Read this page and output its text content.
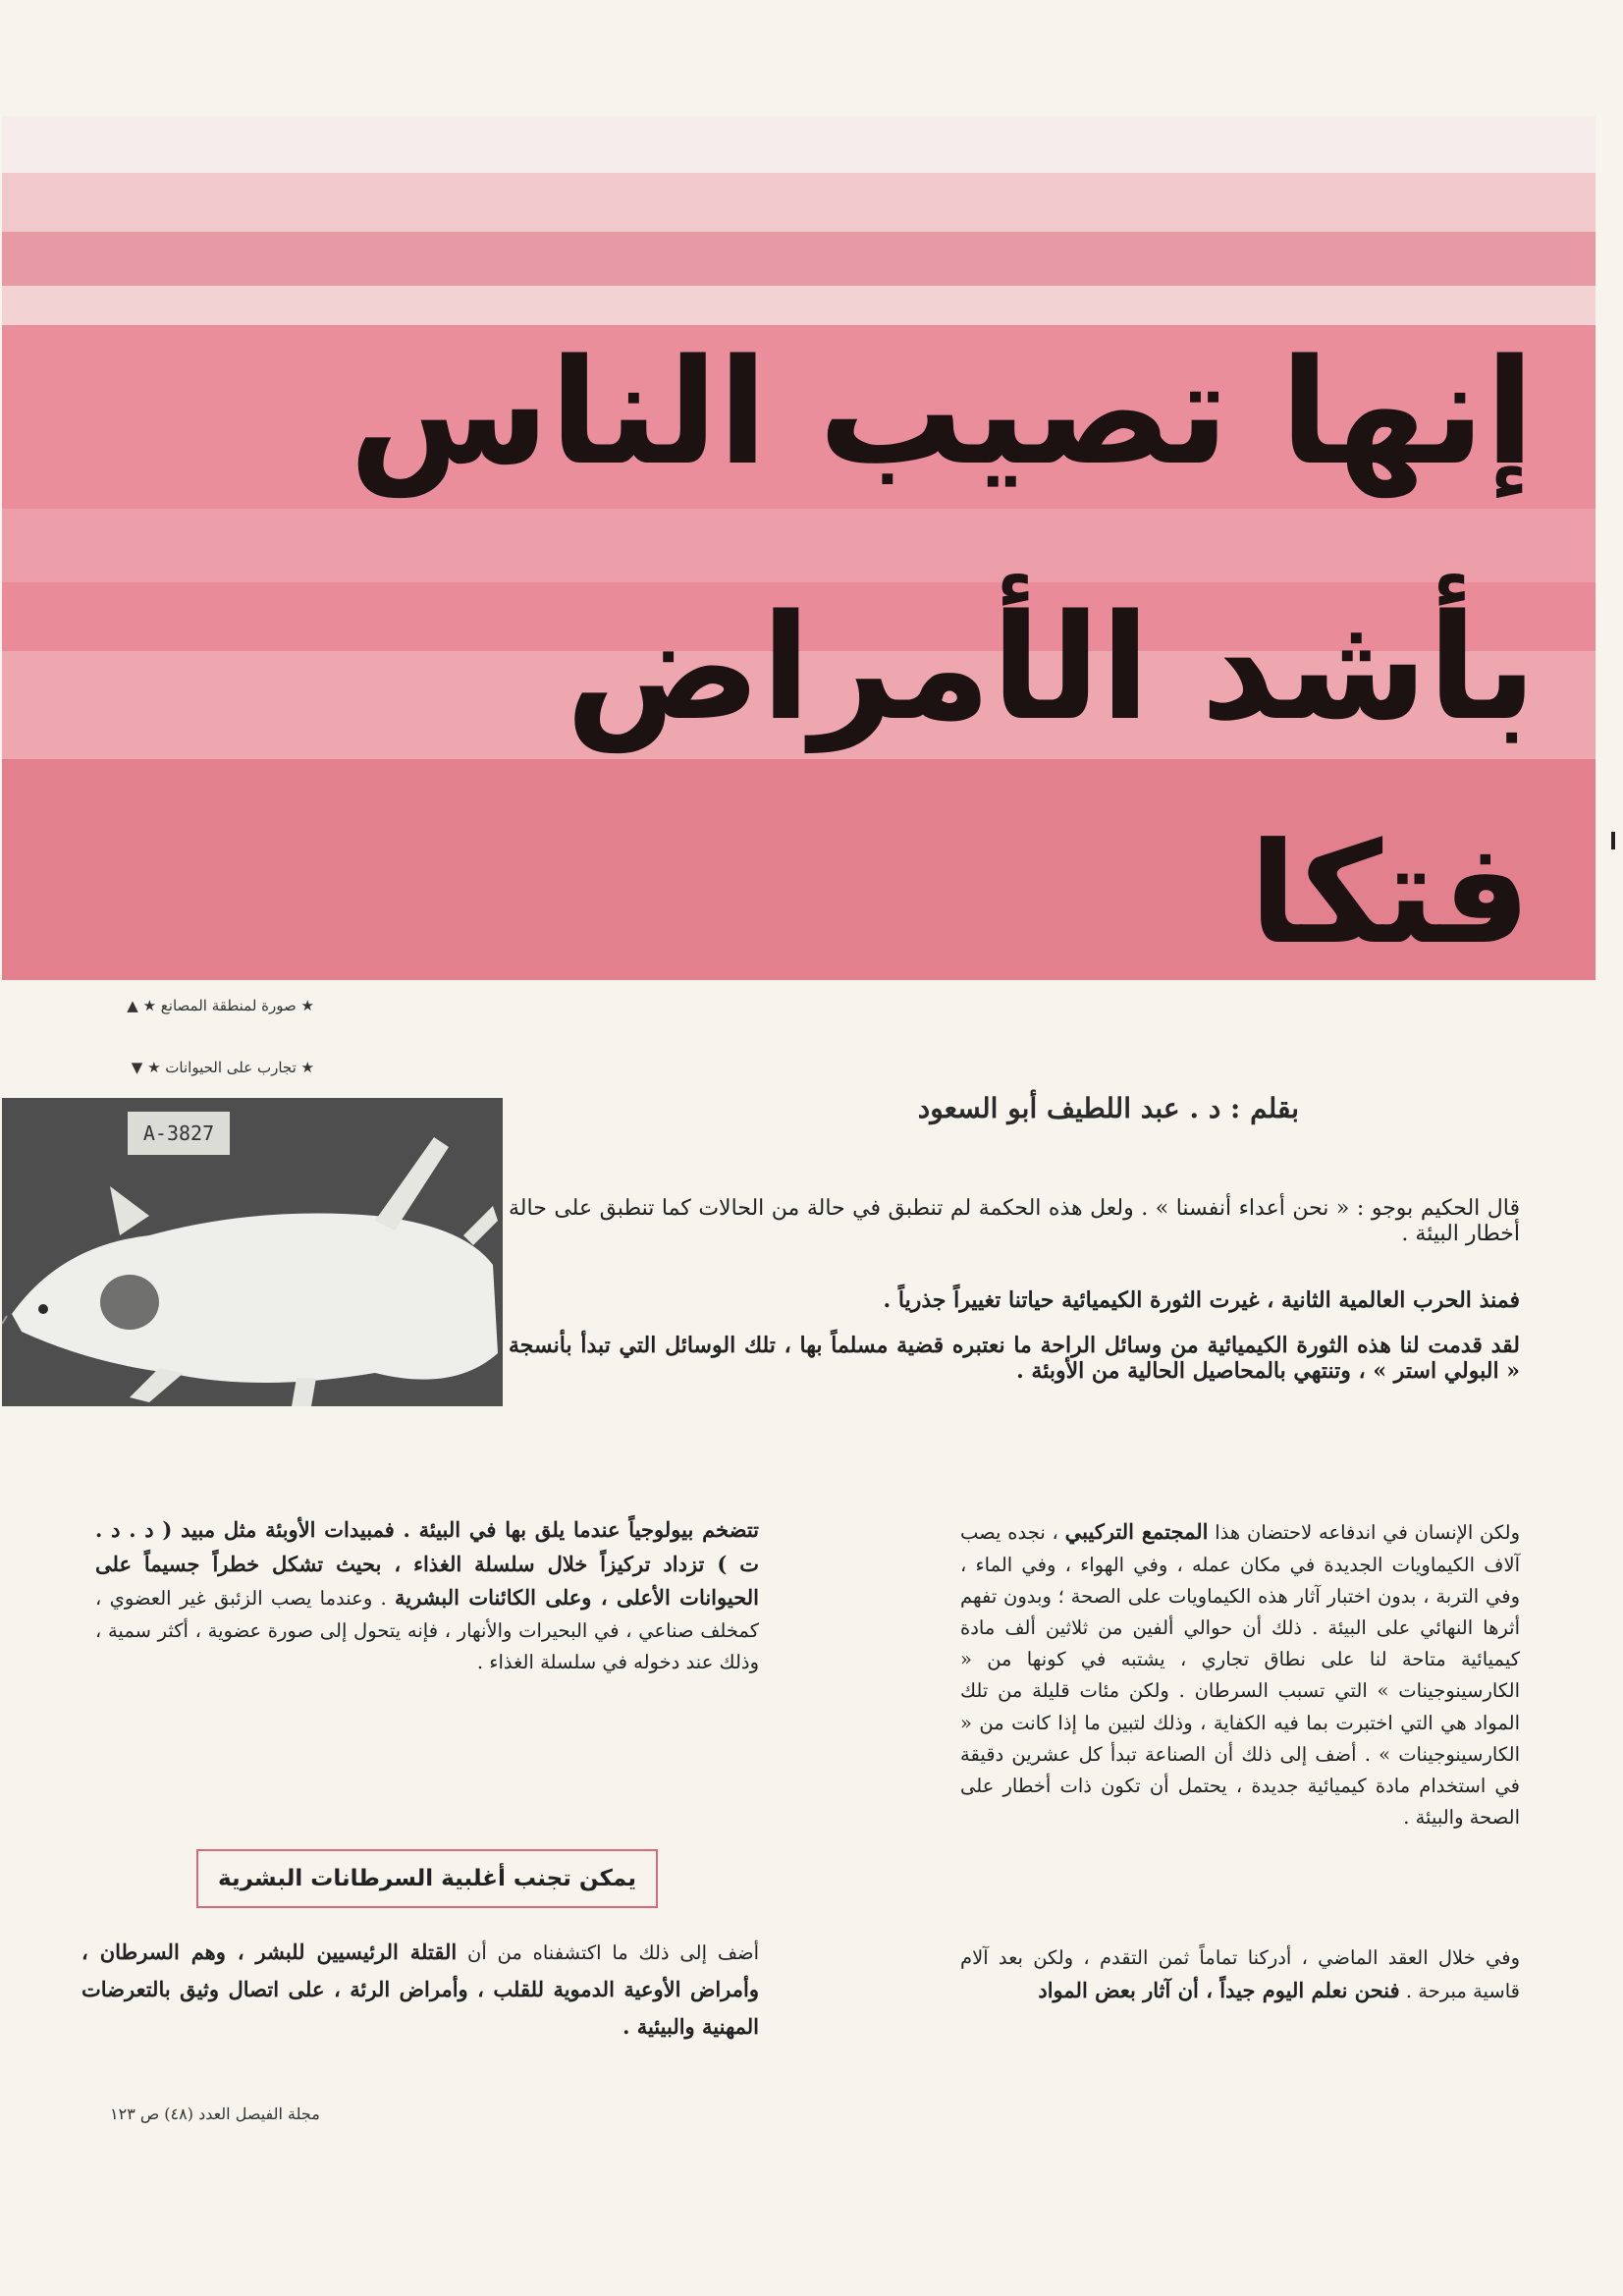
إنها تصيب الناس
بأشد الأمراض
فتكا
★ صورة لمنطقة المصانع ★ ▲
★ تجارب على الحيوانات ★ ▼
A-3827
بقلم : د . عبد اللطيف أبو السعود
قال الحكيم بوجو : « نحن أعداء أنفسنا » . ولعل هذه الحكمة لم تنطبق في حالة من الحالات كما تنطبق على حالة أخطار البيئة .
فمنذ الحرب العالمية الثانية ، غيرت الثورة الكيميائية حياتنا تغييراً جذرياً .
لقد قدمت لنا هذه الثورة الكيميائية من وسائل الراحة ما نعتبره قضية مسلماً بها ، تلك الوسائل التي تبدأ بأنسجة « البولي استر » ، وتنتهي بالمحاصيل الحالية من الأوبئة .
ولكن الإنسان في اندفاعه لاحتضان هذا المجتمع التركيبي ، نجده يصب آلاف الكيماويات الجديدة في مكان عمله ، وفي الهواء ، وفي الماء ، وفي التربة ، بدون اختبار آثار هذه الكيماويات على الصحة ؛ وبدون تفهم أثرها النهائي على البيئة . ذلك أن حوالي ألفين من ثلاثين ألف مادة كيميائية متاحة لنا على نطاق تجاري ، يشتبه في كونها من « الكارسينوجينات » التي تسبب السرطان . ولكن مئات قليلة من تلك المواد هي التي اختبرت بما فيه الكفاية ، وذلك لتبين ما إذا كانت من « الكارسينوجينات » . أضف إلى ذلك أن الصناعة تبدأ كل عشرين دقيقة في استخدام مادة كيميائية جديدة ، يحتمل أن تكون ذات أخطار على الصحة والبيئة .
وفي خلال العقد الماضي ، أدركنا تماماً ثمن التقدم ، ولكن بعد آلام قاسية مبرحة . فنحن نعلم اليوم جيداً ، أن آثار بعض المواد
تتضخم بيولوجياً عندما يلق بها في البيئة . فمبيدات الأوبئة مثل مبيد ( د . د . ت ) تزداد تركيزاً خلال سلسلة الغذاء ، بحيث تشكل خطراً جسيماً على الحيوانات الأعلى ، وعلى الكائنات البشرية . وعندما يصب الزئبق غير العضوي ، كمخلف صناعي ، في البحيرات والأنهار ، فإنه يتحول إلى صورة عضوية ، أكثر سمية ، وذلك عند دخوله في سلسلة الغذاء .
يمكن تجنب أغلبية السرطانات البشرية
أضف إلى ذلك ما اكتشفناه من أن القتلة الرئيسيين للبشر ، وهم السرطان ، وأمراض الأوعية الدموية للقلب ، وأمراض الرئة ، على اتصال وثيق بالتعرضات المهنية والبيئية .
مجلة الفيصل العدد (٤٨) ص ١٢٣
